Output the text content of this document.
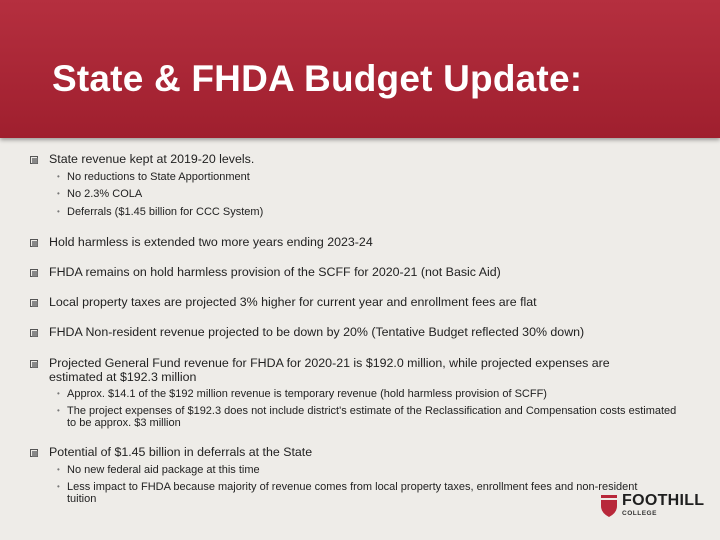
State & FHDA Budget Update:
State revenue kept at 2019-20 levels.
• No reductions to State Apportionment
• No 2.3% COLA
• Deferrals ($1.45 billion for CCC System)
Hold harmless is extended two more years ending 2023-24
FHDA remains on hold harmless provision of the SCFF for 2020-21 (not Basic Aid)
Local property taxes are projected 3% higher for current year and enrollment fees are flat
FHDA Non-resident revenue projected to be down by 20% (Tentative Budget reflected 30% down)
Projected General Fund revenue for FHDA for 2020-21 is $192.0 million, while projected expenses are estimated at $192.3 million
• Approx. $14.1 of the $192 million revenue is temporary revenue (hold harmless provision of SCFF)
• The project expenses of $192.3 does not include district's estimate of the Reclassification and Compensation costs estimated to be approx. $3 million
Potential of $1.45 billion in deferrals at the State
• No new federal aid package at this time
• Less impact to FHDA because majority of revenue comes from local property taxes, enrollment fees and non-resident tuition	FOOTHILL
COLLEGE
